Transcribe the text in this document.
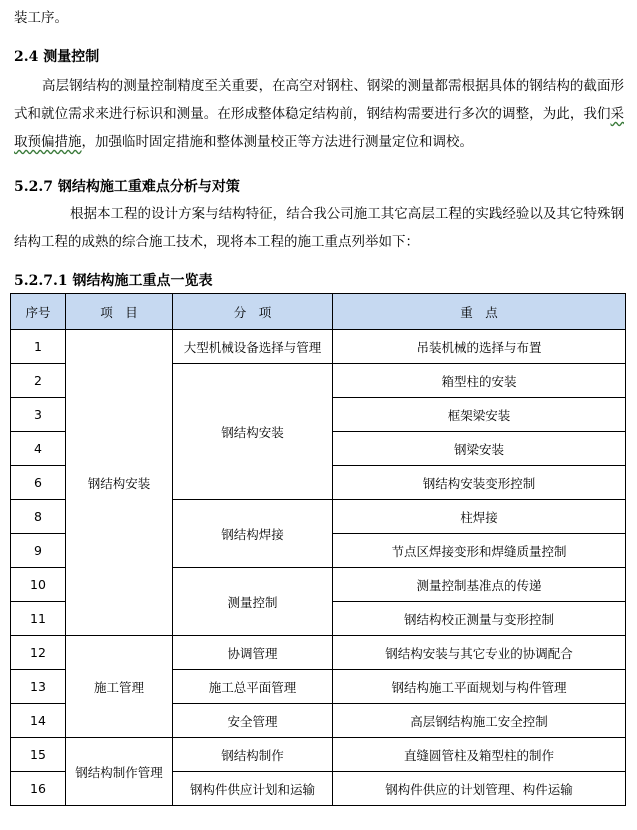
装工序。
2.4 测量控制

高层钢结构的测量控制精度至关重要，在高空对钢柱、钢梁的测量都需根据具体的钢结构的截面形式和就位需求来进行标识和测量。在形成整体稳定结构前，钢结构需要进行多次的调整，为此，我们采取预偏措施，加强临时固定措施和整体测量校正等方法进行测量定位和调校。

5.2.7 钢结构施工重难点分析与对策

根据本工程的设计方案与结构特征，结合我公司施工其它高层工程的实践经验以及其它特殊钢结构工程的成熟的综合施工技术，现将本工程的施工重点列举如下：

5.2.7.1 钢结构施工重点一览表
序号	项　目	分　项	重　点
1	钢结构安装	大型机械设备选择与管理	吊装机械的选择与布置
2		钢结构安装	箱型柱的安装
3			框架梁安装
4			钢梁安装
6			钢结构安装变形控制
8		钢结构焊接	柱焊接
9			节点区焊接变形和焊缝质量控制
10		测量控制	测量控制基准点的传递
11			钢结构校正测量与变形控制
12	施工管理	协调管理	钢结构安装与其它专业的协调配合
13		施工总平面管理	钢结构施工平面规划与构件管理
14		安全管理	高层钢结构施工安全控制
15	钢结构制作管理	钢结构制作	直缝圆管柱及箱型柱的制作
16		钢构件供应计划和运输	钢构件供应的计划管理、构件运输
